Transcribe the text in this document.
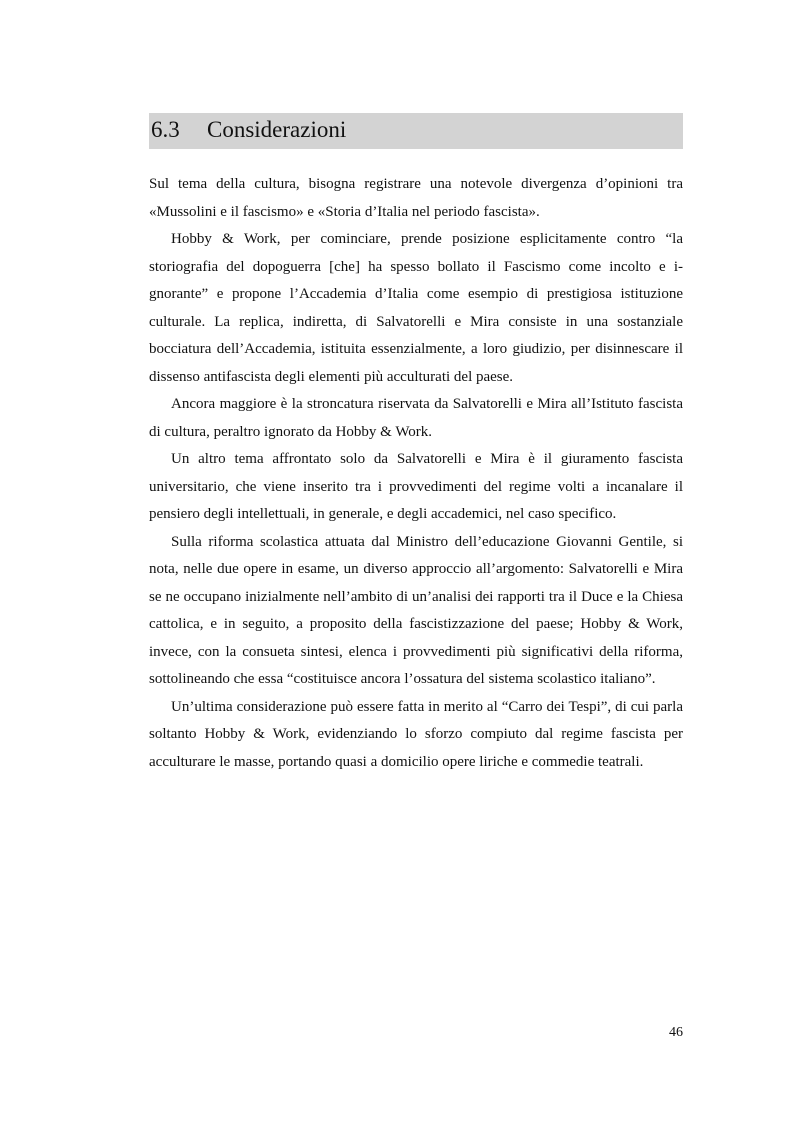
6.3 Considerazioni

Sul tema della cultura, bisogna registrare una notevole divergenza d’opinioni tra «Mussolini e il fascismo» e «Storia d’Italia nel periodo fascista».

Hobby & Work, per cominciare, prende posizione esplicitamente contro “la storiografia del dopoguerra [che] ha spesso bollato il Fascismo come incolto e i-gnorante” e propone l’Accademia d’Italia come esempio di prestigiosa istituzione culturale. La replica, indiretta, di Salvatorelli e Mira consiste in una sostanziale bocciatura dell’Accademia, istituita essenzialmente, a loro giudizio, per disinnescare il dissenso antifascista degli elementi più acculturati del paese.

Ancora maggiore è la stroncatura riservata da Salvatorelli e Mira all’Istituto fascista di cultura, peraltro ignorato da Hobby & Work.

Un altro tema affrontato solo da Salvatorelli e Mira è il giuramento fascista universitario, che viene inserito tra i provvedimenti del regime volti a incanalare il pensiero degli intellettuali, in generale, e degli accademici, nel caso specifico.

Sulla riforma scolastica attuata dal Ministro dell’educazione Giovanni Gentile, si nota, nelle due opere in esame, un diverso approccio all’argomento: Salvatorelli e Mira se ne occupano inizialmente nell’ambito di un’analisi dei rapporti tra il Duce e la Chiesa cattolica, e in seguito, a proposito della fascistizzazione del paese; Hobby & Work, invece, con la consueta sintesi, elenca i provvedimenti più significativi della riforma, sottolineando che essa “costituisce ancora l’ossatura del sistema scolastico italiano”.

Un’ultima considerazione può essere fatta in merito al “Carro dei Tespi”, di cui parla soltanto Hobby & Work, evidenziando lo sforzo compiuto dal regime fascista per acculturare le masse, portando quasi a domicilio opere liriche e commedie teatrali.

46
